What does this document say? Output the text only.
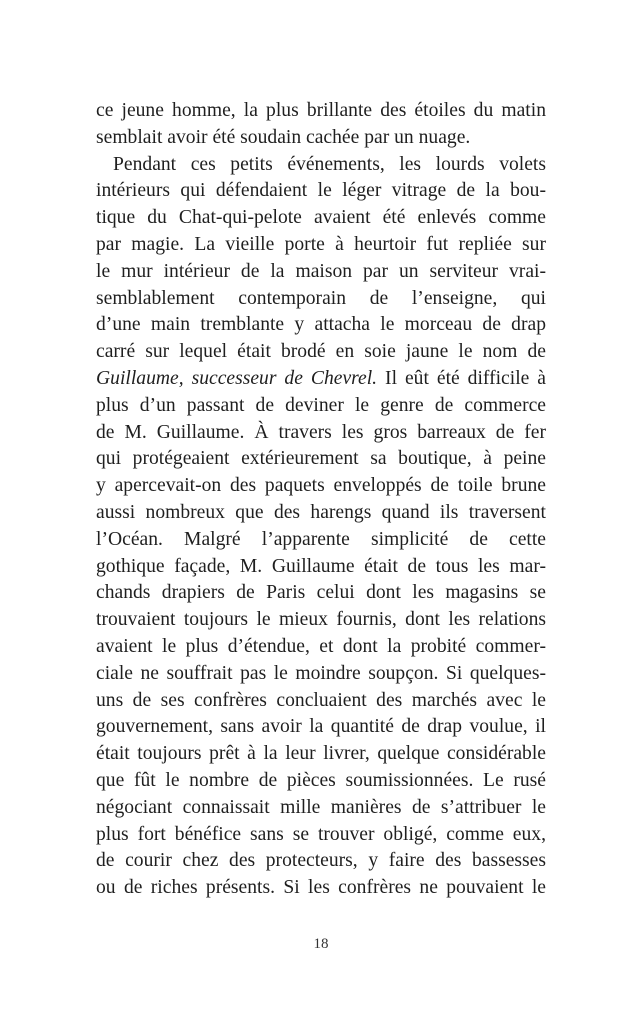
ce jeune homme, la plus brillante des étoiles du matin
semblait avoir été soudain cachée par un nuage.
Pendant ces petits événements, les lourds volets
intérieurs qui défendaient le léger vitrage de la bou-
tique du Chat-qui-pelote avaient été enlevés comme
par magie. La vieille porte à heurtoir fut repliée sur
le mur intérieur de la maison par un serviteur vrai-
semblablement contemporain de l’enseigne, qui
d’une main tremblante y attacha le morceau de drap
carré sur lequel était brodé en soie jaune le nom de
Guillaume, successeur de Chevrel. Il eût été difficile à
plus d’un passant de deviner le genre de commerce
de M. Guillaume. À travers les gros barreaux de fer
qui protégeaient extérieurement sa boutique, à peine
y apercevait-on des paquets enveloppés de toile brune
aussi nombreux que des harengs quand ils traversent
l’Océan. Malgré l’apparente simplicité de cette
gothique façade, M. Guillaume était de tous les mar-
chands drapiers de Paris celui dont les magasins se
trouvaient toujours le mieux fournis, dont les relations
avaient le plus d’étendue, et dont la probité commer-
ciale ne souffrait pas le moindre soupçon. Si quelques-
uns de ses confrères concluaient des marchés avec le
gouvernement, sans avoir la quantité de drap voulue, il
était toujours prêt à la leur livrer, quelque considérable
que fût le nombre de pièces soumissionnées. Le rusé
négociant connaissait mille manières de s’attribuer le
plus fort bénéfice sans se trouver obligé, comme eux,
de courir chez des protecteurs, y faire des bassesses
ou de riches présents. Si les confrères ne pouvaient le
18
